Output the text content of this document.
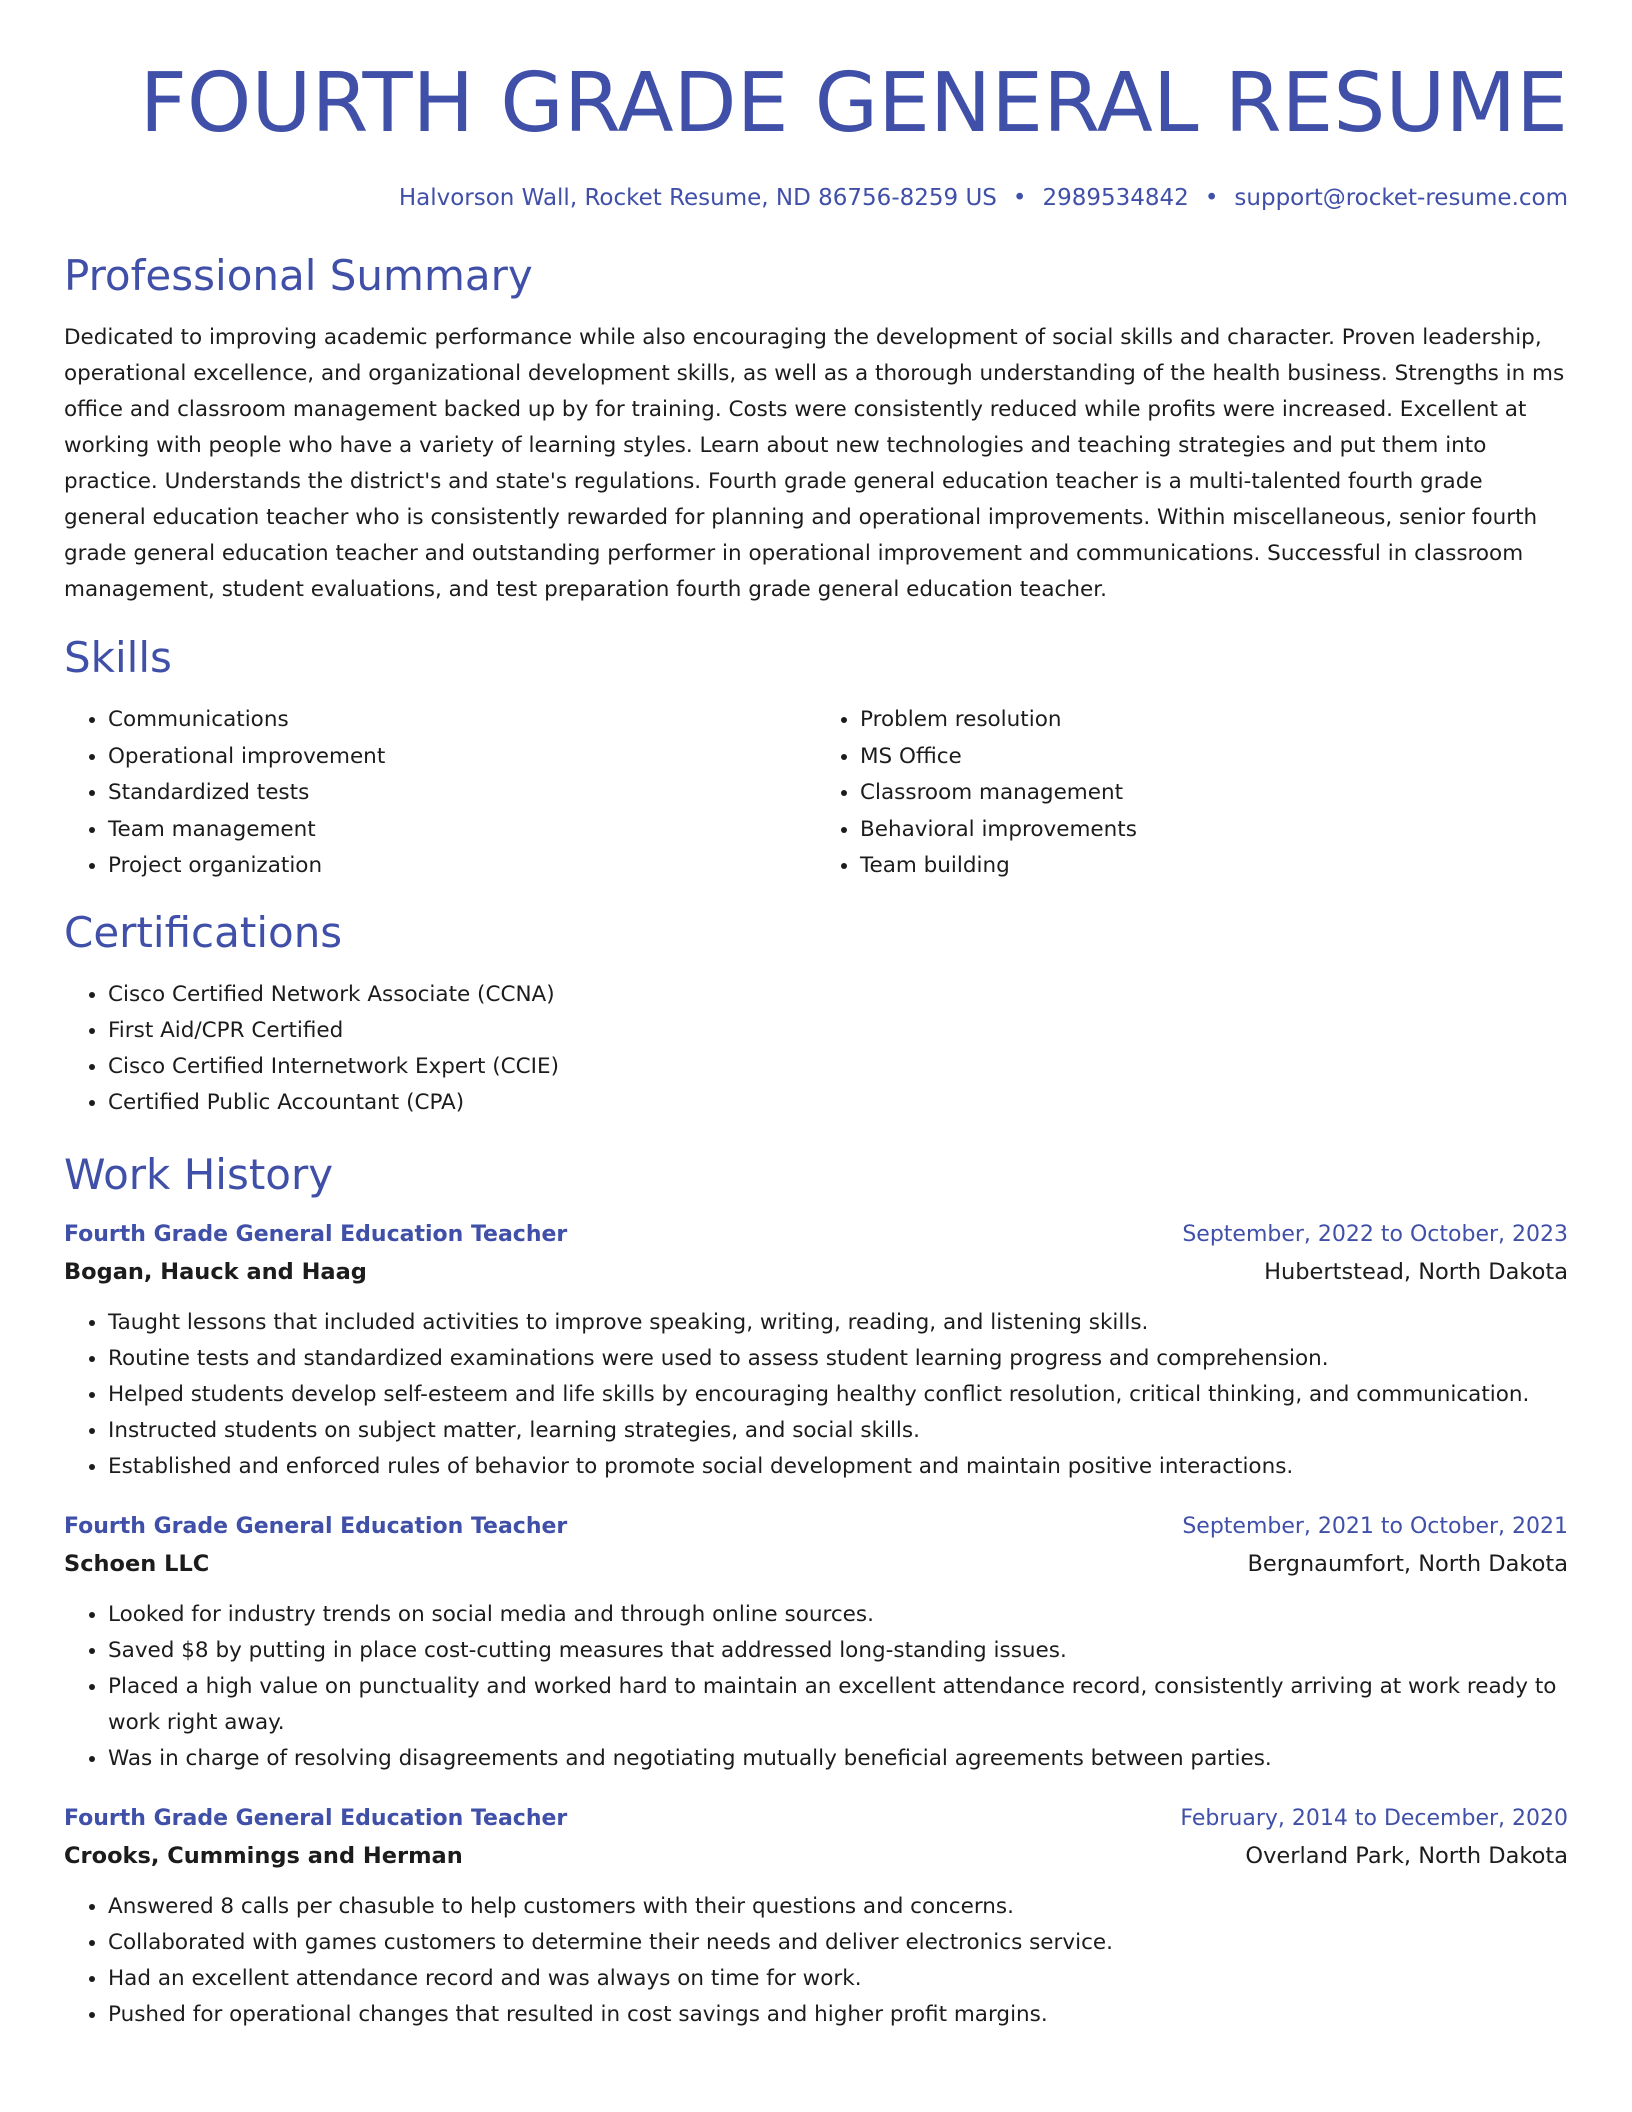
FOURTH GRADE GENERAL RESUME
Halvorson Wall, Rocket Resume, ND 86756-8259 US • 2989534842 • support@rocket-resume.com
Professional Summary
Dedicated to improving academic performance while also encouraging the development of social skills and character. Proven leadership, operational excellence, and organizational development skills, as well as a thorough understanding of the health business. Strengths in ms office and classroom management backed up by for training. Costs were consistently reduced while profits were increased. Excellent at working with people who have a variety of learning styles. Learn about new technologies and teaching strategies and put them into practice. Understands the district's and state's regulations. Fourth grade general education teacher is a multi-talented fourth grade general education teacher who is consistently rewarded for planning and operational improvements. Within miscellaneous, senior fourth grade general education teacher and outstanding performer in operational improvement and communications. Successful in classroom management, student evaluations, and test preparation fourth grade general education teacher.
Skills
• Communications
• Operational improvement
• Standardized tests
• Team management
• Project organization
• Problem resolution
• MS Office
• Classroom management
• Behavioral improvements
• Team building
Certifications
• Cisco Certified Network Associate (CCNA)
• First Aid/CPR Certified
• Cisco Certified Internetwork Expert (CCIE)
• Certified Public Accountant (CPA)
Work History
Fourth Grade General Education Teacher	September, 2022 to October, 2023
Bogan, Hauck and Haag	Hubertstead, North Dakota
• Taught lessons that included activities to improve speaking, writing, reading, and listening skills.
• Routine tests and standardized examinations were used to assess student learning progress and comprehension.
• Helped students develop self-esteem and life skills by encouraging healthy conflict resolution, critical thinking, and communication.
• Instructed students on subject matter, learning strategies, and social skills.
• Established and enforced rules of behavior to promote social development and maintain positive interactions.
Fourth Grade General Education Teacher	September, 2021 to October, 2021
Schoen LLC	Bergnaumfort, North Dakota
• Looked for industry trends on social media and through online sources.
• Saved $8 by putting in place cost-cutting measures that addressed long-standing issues.
• Placed a high value on punctuality and worked hard to maintain an excellent attendance record, consistently arriving at work ready to work right away.
• Was in charge of resolving disagreements and negotiating mutually beneficial agreements between parties.
Fourth Grade General Education Teacher	February, 2014 to December, 2020
Crooks, Cummings and Herman	Overland Park, North Dakota
• Answered 8 calls per chasuble to help customers with their questions and concerns.
• Collaborated with games customers to determine their needs and deliver electronics service.
• Had an excellent attendance record and was always on time for work.
• Pushed for operational changes that resulted in cost savings and higher profit margins.
